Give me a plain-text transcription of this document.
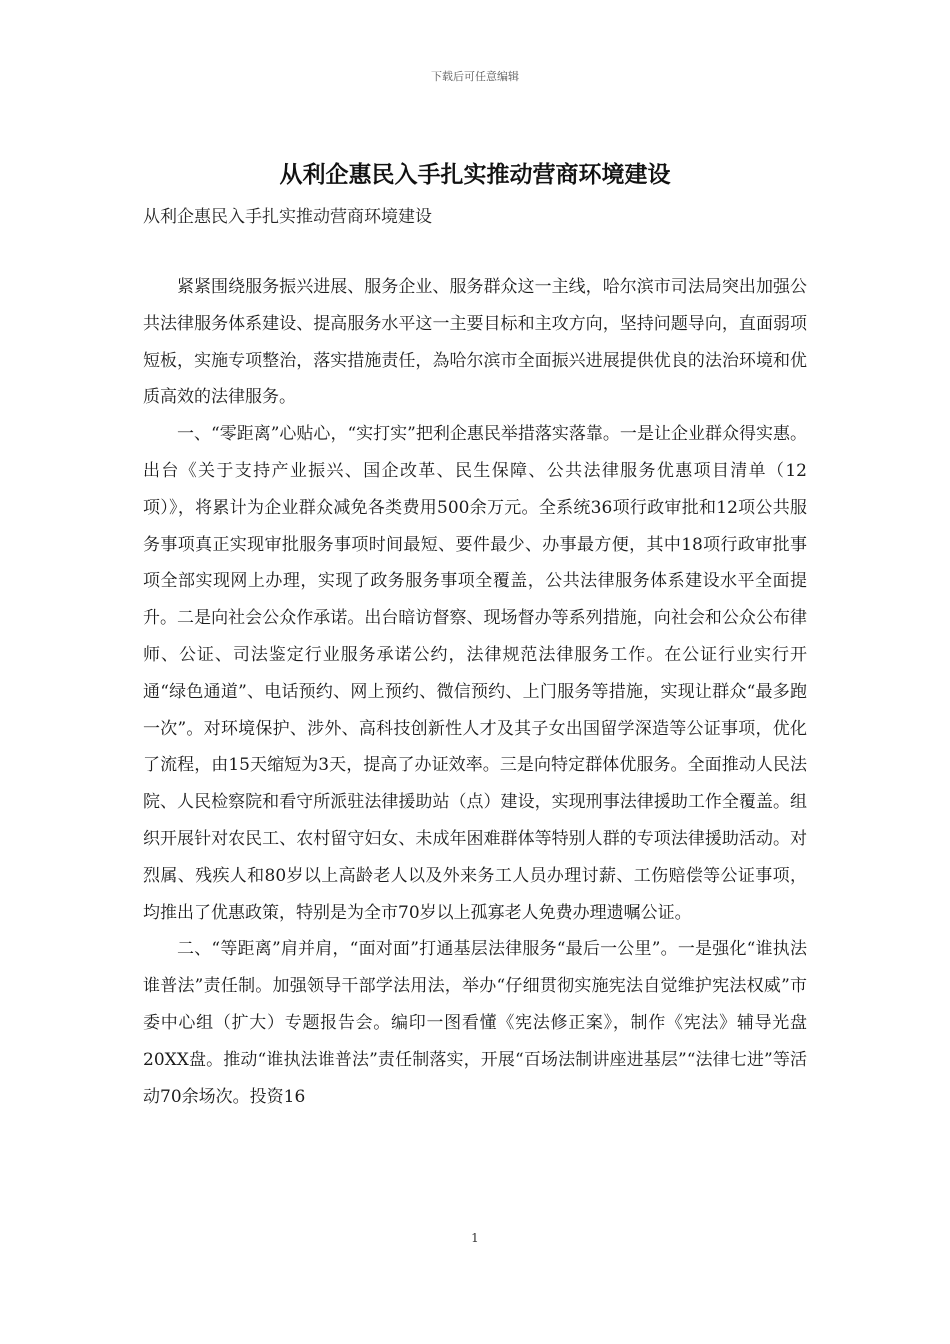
下载后可任意编辑
从利企惠民入手扎实推动营商环境建设
从利企惠民入手扎实推动营商环境建设

紧紧围绕服务振兴进展、服务企业、服务群众这一主线，哈尔滨市司法局突出加强公共法律服务体系建设、提高服务水平这一主要目标和主攻方向，坚持问题导向，直面弱项短板，实施专项整治，落实措施责任，為哈尔滨市全面振兴进展提供优良的法治环境和优质高效的法律服务。

一、“零距离”心贴心，“实打实”把利企惠民举措落实落靠。一是让企业群众得实惠。出台《关于支持产业振兴、国企改革、民生保障、公共法律服务优惠项目清单（12项）》，将累计为企业群众减免各类费用500余万元。全系统36项行政审批和12项公共服务事项真正实现审批服务事项时间最短、要件最少、办事最方便，其中18项行政审批事项全部实现网上办理，实现了政务服务事项全覆盖，公共法律服务体系建设水平全面提升。二是向社会公众作承诺。出台暗访督察、现场督办等系列措施，向社会和公众公布律师、公证、司法鉴定行业服务承诺公约，法律规范法律服务工作。在公证行业实行开通“绿色通道”、电话预约、网上预约、微信预约、上门服务等措施，实现让群众“最多跑一次”。对环境保护、涉外、高科技创新性人才及其子女出国留学深造等公证事项，优化了流程，由15天缩短为3天，提高了办证效率。三是向特定群体优服务。全面推动人民法院、人民检察院和看守所派驻法律援助站（点）建设，实现刑事法律援助工作全覆盖。组织开展针对农民工、农村留守妇女、未成年困难群体等特别人群的专项法律援助活动。对烈属、残疾人和80岁以上高龄老人以及外来务工人员办理讨薪、工伤赔偿等公证事项，均推出了优惠政策，特别是为全市70岁以上孤寡老人免费办理遗嘱公证。

二、“等距离”肩并肩，“面对面”打通基层法律服务“最后一公里”。一是强化“谁执法谁普法”责任制。加强领导干部学法用法，举办“仔细贯彻实施宪法自觉维护宪法权威”市委中心组（扩大）专题报告会。编印一图看懂《宪法修正案》，制作《宪法》辅导光盘20XX盘。推动“谁执法谁普法”责任制落实，开展“百场法制讲座进基层”“法律七进”等活动70余场次。投资16

1
